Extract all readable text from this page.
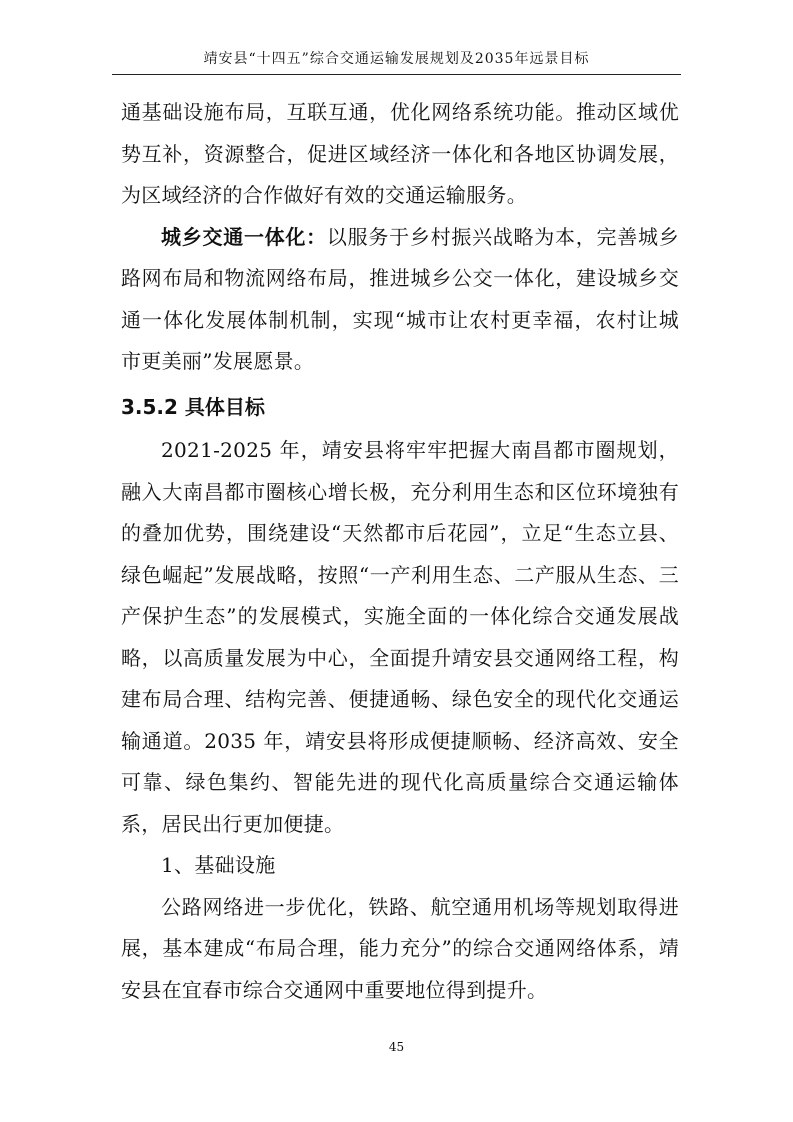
靖安县“十四五”综合交通运输发展规划及2035年远景目标

通基础设施布局，互联互通，优化网络系统功能。推动区域优势互补，资源整合，促进区域经济一体化和各地区协调发展，为区域经济的合作做好有效的交通运输服务。

城乡交通一体化：以服务于乡村振兴战略为本，完善城乡路网布局和物流网络布局，推进城乡公交一体化，建设城乡交通一体化发展体制机制，实现“城市让农村更幸福，农村让城市更美丽”发展愿景。

3.5.2 具体目标

2021-2025 年，靖安县将牢牢把握大南昌都市圈规划，融入大南昌都市圈核心增长极，充分利用生态和区位环境独有的叠加优势，围绕建设“天然都市后花园”，立足“生态立县、绿色崛起”发展战略，按照“一产利用生态、二产服从生态、三产保护生态”的发展模式，实施全面的一体化综合交通发展战略，以高质量发展为中心，全面提升靖安县交通网络工程，构建布局合理、结构完善、便捷通畅、绿色安全的现代化交通运输通道。2035 年，靖安县将形成便捷顺畅、经济高效、安全可靠、绿色集约、智能先进的现代化高质量综合交通运输体系，居民出行更加便捷。

1、基础设施

公路网络进一步优化，铁路、航空通用机场等规划取得进展，基本建成“布局合理，能力充分”的综合交通网络体系，靖安县在宜春市综合交通网中重要地位得到提升。

45
